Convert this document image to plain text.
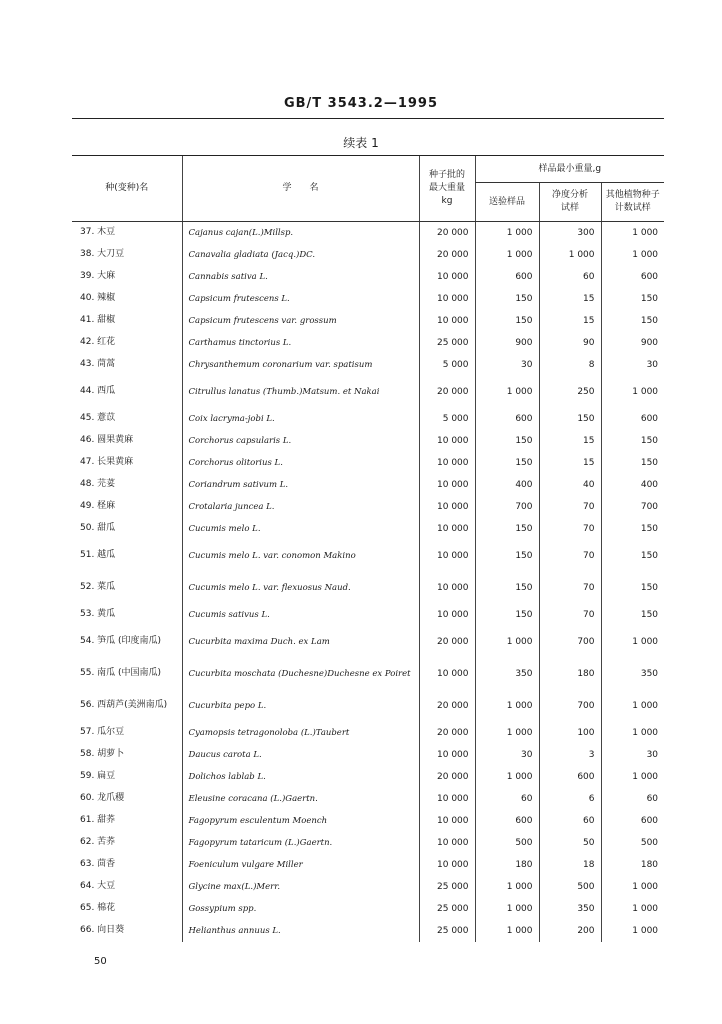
GB/T 3543.2—1995
续表 1
种(变种)名	学　　名	种子批的最大重量 kg	样品最小重量,g		
			送验样品	净度分析试样	其他植物种子计数试样
37. 木豆	Cajanus cajan(L.)Millsp.	20 000	1 000	300	1 000
38. 大刀豆	Canavalia gladiata (Jacq.)DC.	20 000	1 000	1 000	1 000
39. 大麻	Cannabis sativa L.	10 000	600	60	600
40. 辣椒	Capsicum frutescens L.	10 000	150	15	150
41. 甜椒	Capsicum frutescens var. grossum	10 000	150	15	150
42. 红花	Carthamus tinctorius L.	25 000	900	90	900
43. 茼蒿	Chrysanthemum coronarium var. spatisum	5 000	30	8	30
44. 西瓜	Citrullus lanatus (Thumb.)Matsum. et Nakai	20 000	1 000	250	1 000
45. 薏苡	Coix lacryma-jobi L.	5 000	600	150	600
46. 圆果黄麻	Corchorus capsularis L.	10 000	150	15	150
47. 长果黄麻	Corchorus olitorius L.	10 000	150	15	150
48. 芫荽	Coriandrum sativum L.	10 000	400	40	400
49. 柽麻	Crotalaria juncea L.	10 000	700	70	700
50. 甜瓜	Cucumis melo L.	10 000	150	70	150
51. 越瓜	Cucumis melo L. var. conomon Makino	10 000	150	70	150
52. 菜瓜	Cucumis melo L. var. flexuosus Naud.	10 000	150	70	150
53. 黄瓜	Cucumis sativus L.	10 000	150	70	150
54. 笋瓜 (印度南瓜)	Cucurbita maxima Duch. ex Lam	20 000	1 000	700	1 000
55. 南瓜 (中国南瓜)	Cucurbita moschata (Duchesne)Duchesne ex Poiret	10 000	350	180	350
56. 西葫芦(美洲南瓜)	Cucurbita pepo L.	20 000	1 000	700	1 000
57. 瓜尔豆	Cyamopsis tetragonoloba (L.)Taubert	20 000	1 000	100	1 000
58. 胡萝卜	Daucus carota L.	10 000	30	3	30
59. 扁豆	Dolichos lablab L.	20 000	1 000	600	1 000
60. 龙爪稷	Eleusine coracana (L.)Gaertn.	10 000	60	6	60
61. 甜荞	Fagopyrum esculentum Moench	10 000	600	60	600
62. 苦荞	Fagopyrum tataricum (L.)Gaertn.	10 000	500	50	500
63. 茴香	Foeniculum vulgare Miller	10 000	180	18	180
64. 大豆	Glycine max(L.)Merr.	25 000	1 000	500	1 000
65. 棉花	Gossypium spp.	25 000	1 000	350	1 000
66. 向日葵	Helianthus annuus L.	25 000	1 000	200	1 000
50
